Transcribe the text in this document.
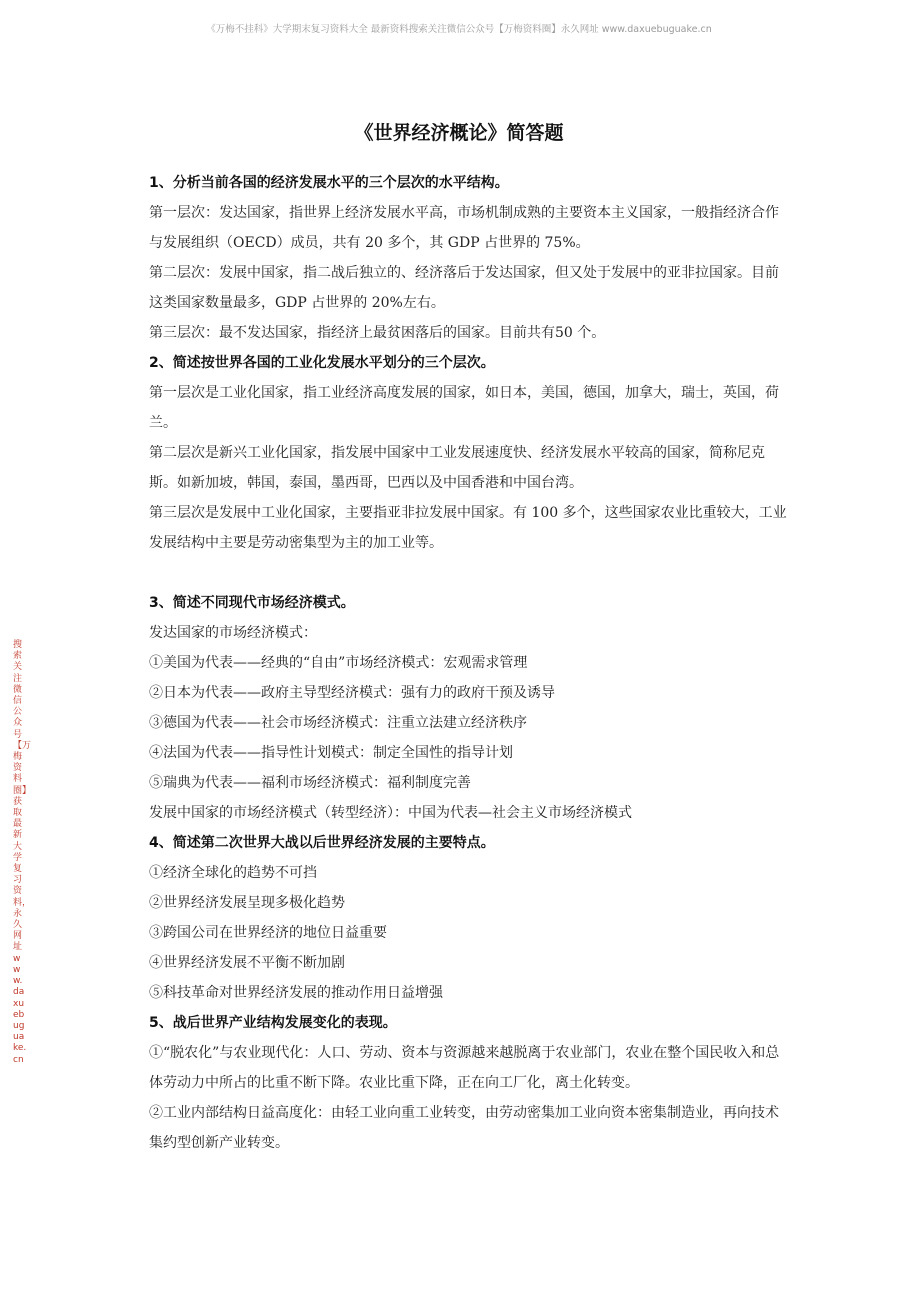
《万梅不挂科》大学期末复习资料大全 最新资料搜索关注微信公众号【万梅资料圈】永久网址 www.daxuebuguake.cn
搜索关注微信公众号【万梅资料圈】获取最新大学复习资料，永久网址www.daxuebuguake.cn
《世界经济概论》简答题
1、分析当前各国的经济发展水平的三个层次的水平结构。
第一层次：发达国家，指世界上经济发展水平高，市场机制成熟的主要资本主义国家，一般指经济合作与发展组织（OECD）成员，共有 20 多个，其 GDP 占世界的 75%。
第二层次：发展中国家，指二战后独立的、经济落后于发达国家，但又处于发展中的亚非拉国家。目前这类国家数量最多，GDP 占世界的 20%左右。
第三层次：最不发达国家，指经济上最贫困落后的国家。目前共有50 个。
2、简述按世界各国的工业化发展水平划分的三个层次。
第一层次是工业化国家，指工业经济高度发展的国家，如日本，美国，德国，加拿大，瑞士，英国，荷兰。
第二层次是新兴工业化国家，指发展中国家中工业发展速度快、经济发展水平较高的国家，简称尼克斯。如新加坡，韩国，泰国，墨西哥，巴西以及中国香港和中国台湾。
第三层次是发展中工业化国家，主要指亚非拉发展中国家。有 100 多个，这些国家农业比重较大，工业发展结构中主要是劳动密集型为主的加工业等。
3、简述不同现代市场经济模式。
发达国家的市场经济模式：
①美国为代表——经典的“自由”市场经济模式：宏观需求管理
②日本为代表——政府主导型经济模式：强有力的政府干预及诱导
③德国为代表——社会市场经济模式：注重立法建立经济秩序
④法国为代表——指导性计划模式：制定全国性的指导计划
⑤瑞典为代表——福利市场经济模式：福利制度完善
发展中国家的市场经济模式（转型经济）：中国为代表—社会主义市场经济模式
4、简述第二次世界大战以后世界经济发展的主要特点。
①经济全球化的趋势不可挡
②世界经济发展呈现多极化趋势
③跨国公司在世界经济的地位日益重要
④世界经济发展不平衡不断加剧
⑤科技革命对世界经济发展的推动作用日益增强
5、战后世界产业结构发展变化的表现。
①“脱农化”与农业现代化：人口、劳动、资本与资源越来越脱离于农业部门，农业在整个国民收入和总体劳动力中所占的比重不断下降。农业比重下降，正在向工厂化，离土化转变。
②工业内部结构日益高度化：由轻工业向重工业转变，由劳动密集加工业向资本密集制造业，再向技术集约型创新产业转变。
